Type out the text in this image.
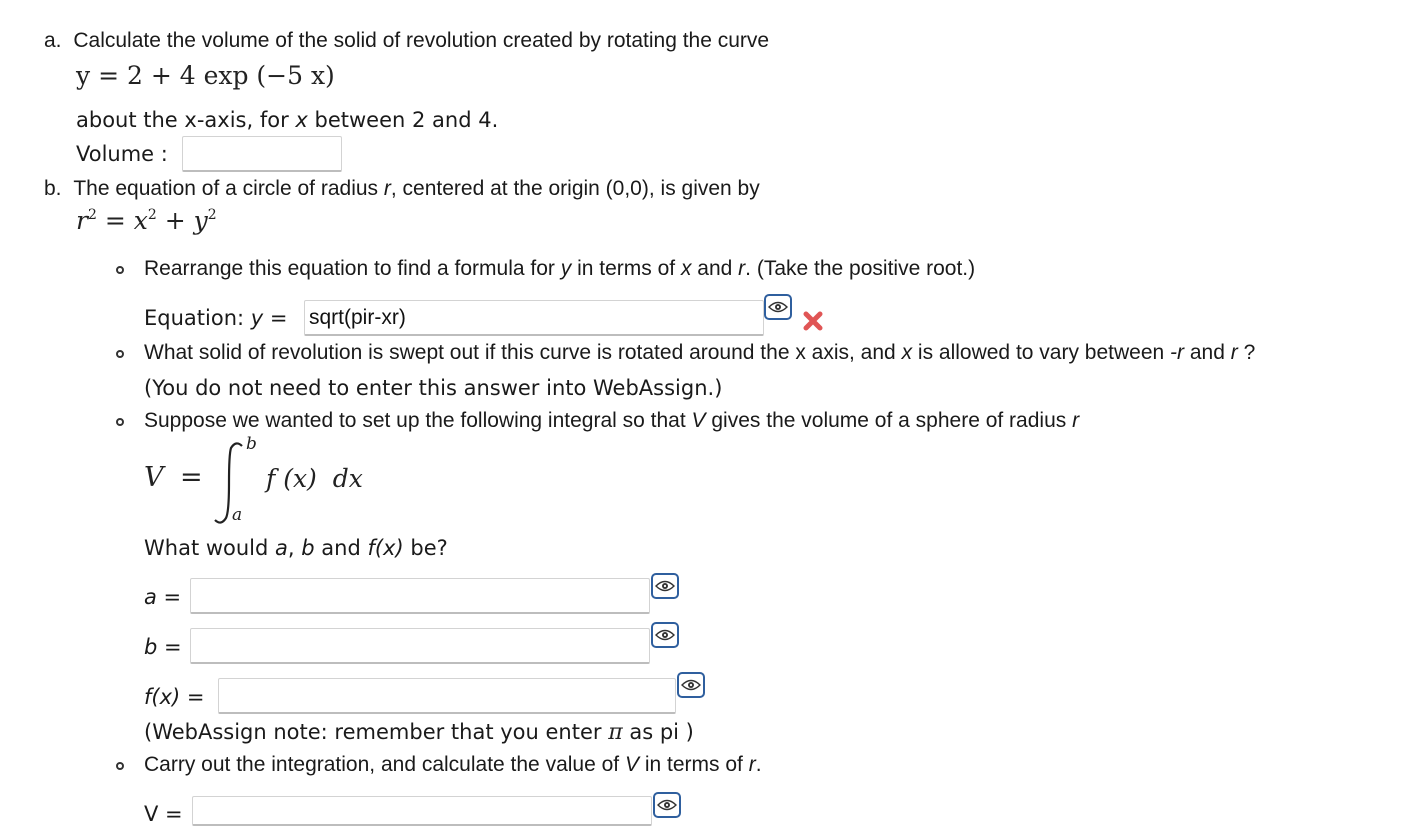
a. Calculate the volume of the solid of revolution created by rotating the curve
y = 2 + 4 exp (−5 x)
about the x-axis, for x between 2 and 4.
Volume :
b. The equation of a circle of radius r, centered at the origin (0,0), is given by
$r^2 = x^2 + y^2$
Rearrange this equation to find a formula for y in terms of x and r. (Take the positive root.)
Equation: y = sqrt(pir-xr)
What solid of revolution is swept out if this curve is rotated around the x axis, and x is allowed to vary between -r and r ?
(You do not need to enter this answer into WebAssign.)
Suppose we wanted to set up the following integral so that V gives the volume of a sphere of radius r
V =
b
a
f (x)  dx
What would a, b and f(x) be?
a =
b =
f(x) =
(WebAssign note: remember that you enter π as pi )
Carry out the integration, and calculate the value of V in terms of r.
V =
